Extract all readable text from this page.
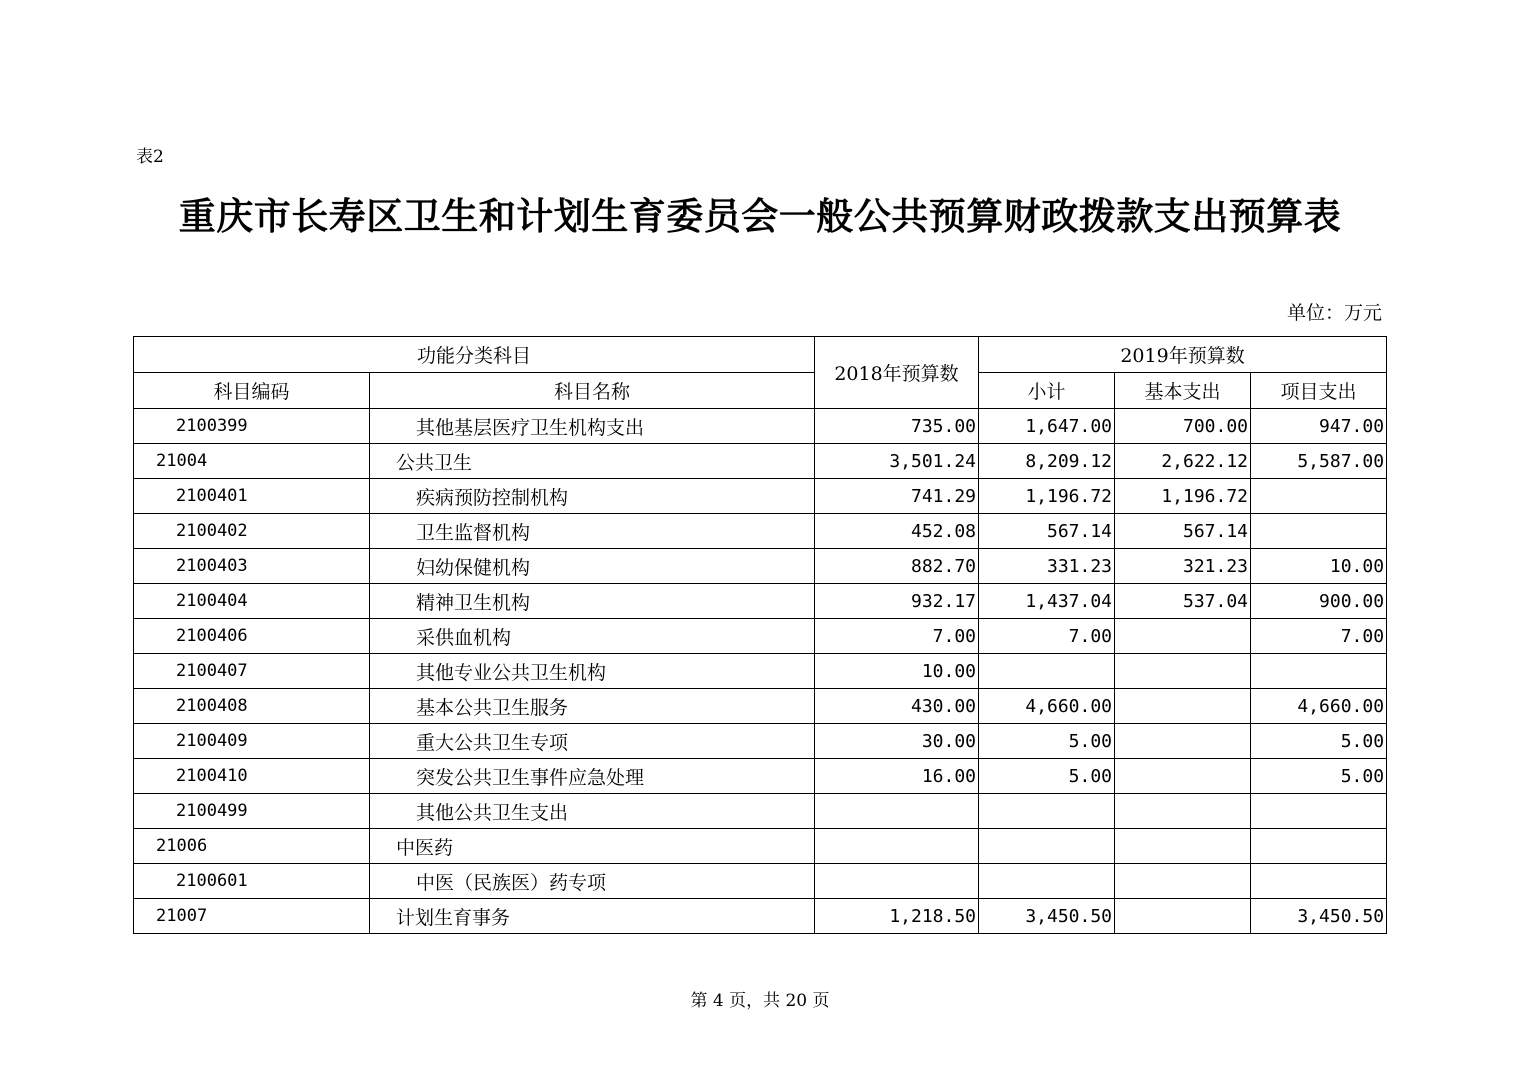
表2
重庆市长寿区卫生和计划生育委员会一般公共预算财政拨款支出预算表
单位：万元
功能分类科目		2018年预算数	2019年预算数		
科目编码	科目名称		小计	基本支出	项目支出
2100399	其他基层医疗卫生机构支出	735.00	1,647.00	700.00	947.00
21004	公共卫生	3,501.24	8,209.12	2,622.12	5,587.00
2100401	疾病预防控制机构	741.29	1,196.72	1,196.72	
2100402	卫生监督机构	452.08	567.14	567.14	
2100403	妇幼保健机构	882.70	331.23	321.23	10.00
2100404	精神卫生机构	932.17	1,437.04	537.04	900.00
2100406	采供血机构	7.00	7.00		7.00
2100407	其他专业公共卫生机构	10.00			
2100408	基本公共卫生服务	430.00	4,660.00		4,660.00
2100409	重大公共卫生专项	30.00	5.00		5.00
2100410	突发公共卫生事件应急处理	16.00	5.00		5.00
2100499	其他公共卫生支出				
21006	中医药				
2100601	中医（民族医）药专项				
21007	计划生育事务	1,218.50	3,450.50		3,450.50
第 4 页，共 20 页
